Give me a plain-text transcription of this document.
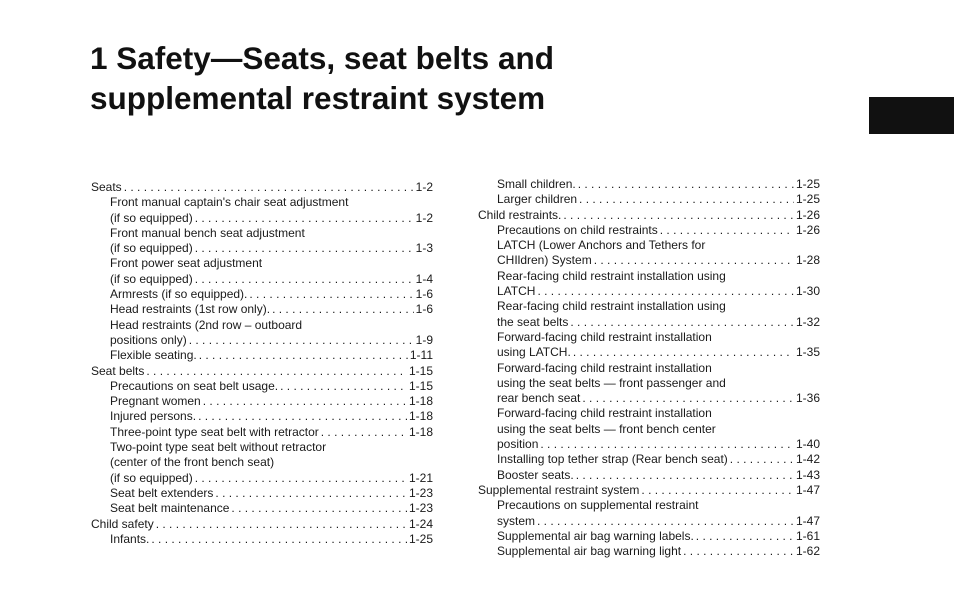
1 Safety—Seats, seat belts and
supplemental restraint system
Seats . . .	1-2
Front manual captain's chair seat adjustment
(if so equipped) . . .	1-2
Front manual bench seat adjustment
(if so equipped) . . .	1-3
Front power seat adjustment
(if so equipped) . . .	1-4
Armrests (if so equipped). . . .	1-6
Head restraints (1st row only). . . .	1-6
Head restraints (2nd row – outboard
positions only) . . .	1-9
Flexible seating. . . .	1-11
Seat belts . . .	1-15
Precautions on seat belt usage. . . .	1-15
Pregnant women . . .	1-18
Injured persons. . . .	1-18
Three-point type seat belt with retractor . . .	1-18
Two-point type seat belt without retractor
(center of the front bench seat)
(if so equipped) . . .	1-21
Seat belt extenders . . .	1-23
Seat belt maintenance . . .	1-23
Child safety . . .	1-24
Infants. . . .	1-25
Small children. . . .	1-25
Larger children . . .	1-25
Child restraints. . . .	1-26
Precautions on child restraints . . .	1-26
LATCH (Lower Anchors and Tethers for
CHIldren) System . . .	1-28
Rear-facing child restraint installation using
LATCH . . .	1-30
Rear-facing child restraint installation using
the seat belts . . .	1-32
Forward-facing child restraint installation
using LATCH. . . .	1-35
Forward-facing child restraint installation
using the seat belts — front passenger and
rear bench seat . . .	1-36
Forward-facing child restraint installation
using the seat belts — front bench center
position . . .	1-40
Installing top tether strap (Rear bench seat) . . .	1-42
Booster seats. . . .	1-43
Supplemental restraint system . . .	1-47
Precautions on supplemental restraint
system . . .	1-47
Supplemental air bag warning labels. . . .	1-61
Supplemental air bag warning light . . .	1-62
